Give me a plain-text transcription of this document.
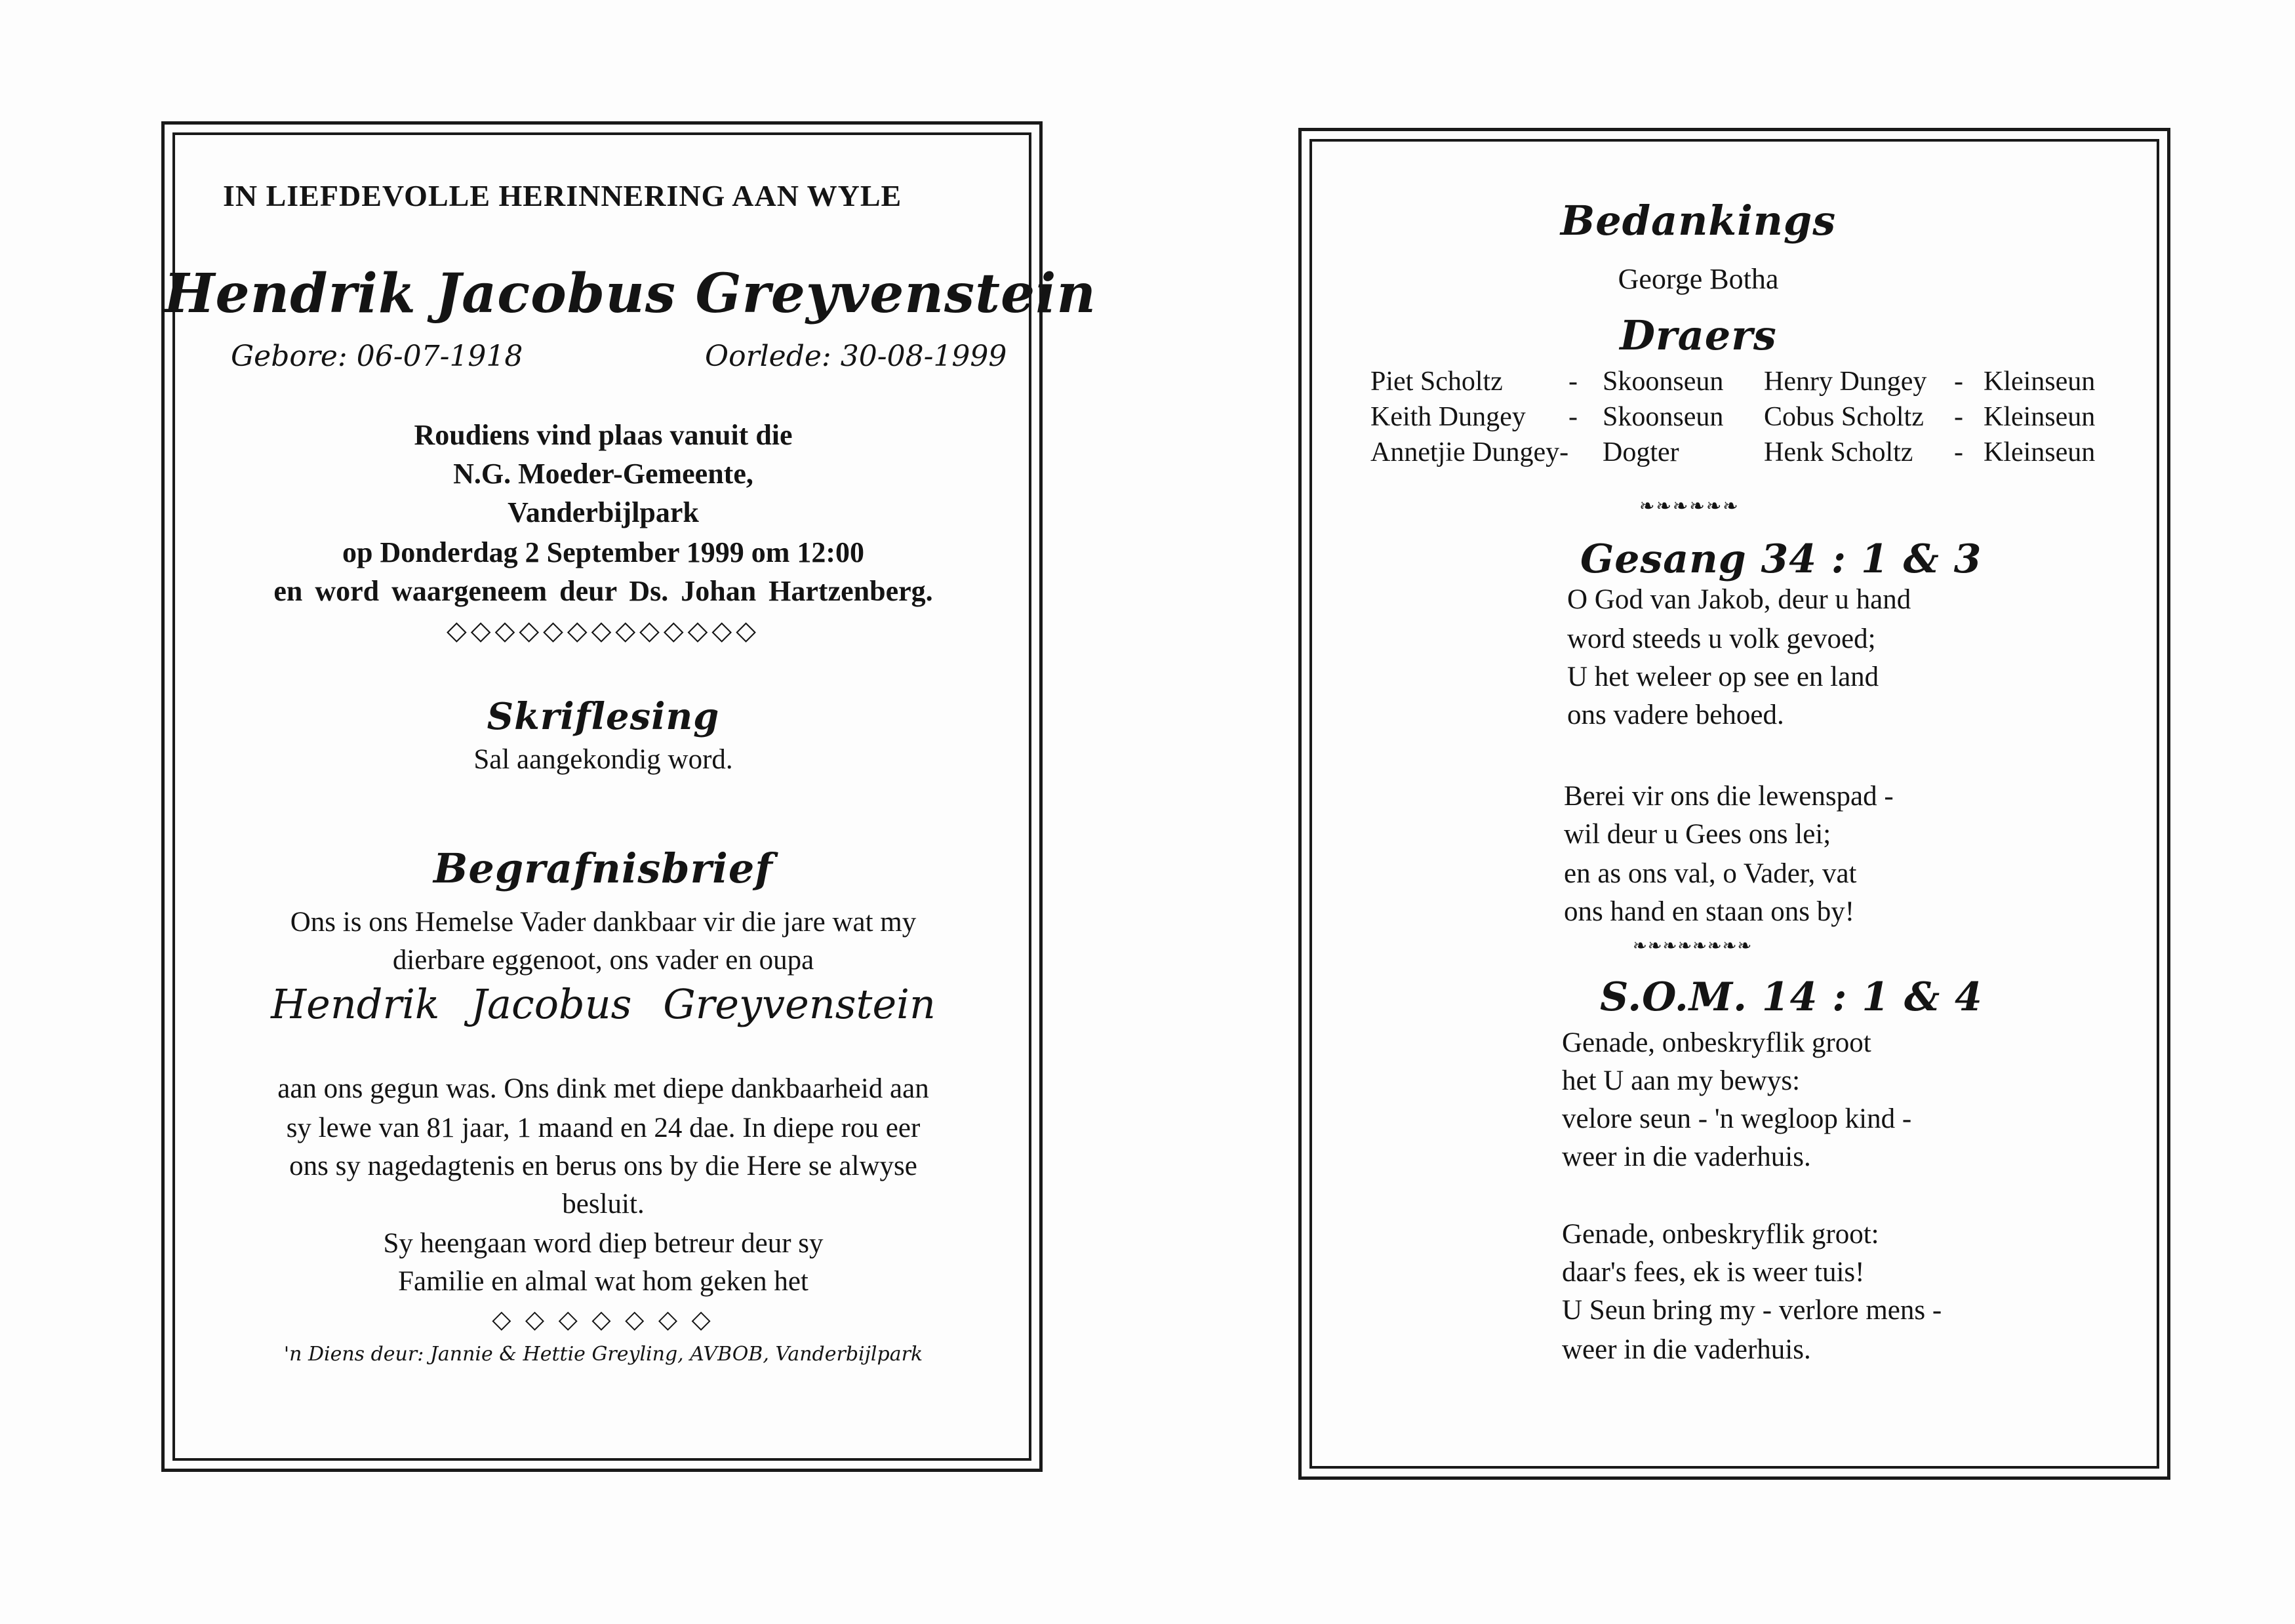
IN LIEFDEVOLLE HERINNERING AAN WYLE
Hendrik Jacobus Greyvenstein
Gebore: 06-07-1918	Oorlede: 30-08-1999
Roudiens vind plaas vanuit die
N.G. Moeder-Gemeente,
Vanderbijlpark
op Donderdag 2 September 1999 om 12:00
en word waargeneem deur Ds. Johan Hartzenberg.
◇◇◇◇◇◇◇◇◇◇◇◇◇
Skriflesing
Sal aangekondig word.
Begrafnisbrief
Ons is ons Hemelse Vader dankbaar vir die jare wat my
dierbare eggenoot, ons vader en oupa
Hendrik Jacobus Greyvenstein
aan ons gegun was. Ons dink met diepe dankbaarheid aan
sy lewe van 81 jaar, 1 maand en 24 dae. In diepe rou eer
ons sy nagedagtenis en berus ons by die Here se alwyse
besluit.
Sy heengaan word diep betreur deur sy
Familie en almal wat hom geken het
◇ ◇ ◇ ◇ ◇ ◇ ◇
'n Diens deur: Jannie & Hettie Greyling, AVBOB, Vanderbijlpark
Bedankings
George Botha
Draers
Piet Scholtz - Skoonseun Henry Dungey - Kleinseun
Keith Dungey - Skoonseun Cobus Scholtz - Kleinseun
Annetjie Dungey- Dogter	Henk Scholtz - Kleinseun
❧❧❧❧❧❧
Gesang 34 : 1 & 3
O God van Jakob, deur u hand
word steeds u volk gevoed;
U het weleer op see en land
ons vadere behoed.
Berei vir ons die lewenspad -
wil deur u Gees ons lei;
en as ons val, o Vader, vat
ons hand en staan ons by!
❧❧❧❧❧❧❧❧
S.O.M. 14 : 1 & 4
Genade, onbeskryflik groot
het U aan my bewys:
velore seun - 'n wegloop kind -
weer in die vaderhuis.
Genade, onbeskryflik groot:
daar's fees, ek is weer tuis!
U Seun bring my - verlore mens -
weer in die vaderhuis.
